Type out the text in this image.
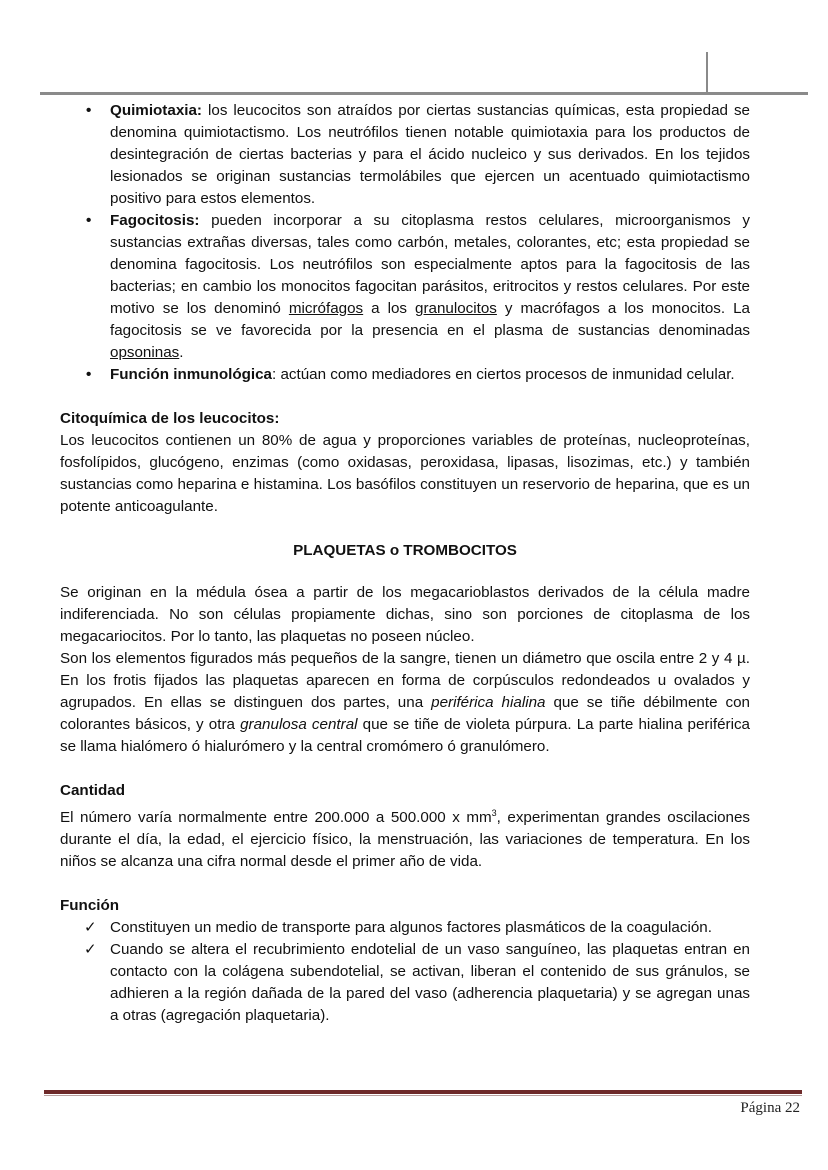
• Quimiotaxia: los leucocitos son atraídos por ciertas sustancias químicas, esta propiedad se denomina quimiotactismo. Los neutrófilos tienen notable quimiotaxia para los productos de desintegración de ciertas bacterias y para el ácido nucleico y sus derivados. En los tejidos lesionados se originan sustancias termolábiles que ejercen un acentuado quimiotactismo positivo para estos elementos.
• Fagocitosis: pueden incorporar a su citoplasma restos celulares, microorganismos y sustancias extrañas diversas, tales como carbón, metales, colorantes, etc; esta propiedad se denomina fagocitosis. Los neutrófilos son especialmente aptos para la fagocitosis de las bacterias; en cambio los monocitos fagocitan parásitos, eritrocitos y restos celulares. Por este motivo se los denominó micrófagos a los granulocitos y macrófagos a los monocitos. La fagocitosis se ve favorecida por la presencia en el plasma de sustancias denominadas opsoninas.
• Función inmunológica: actúan como mediadores en ciertos procesos de inmunidad celular.

Citoquímica de los leucocitos:

Los leucocitos contienen un 80% de agua y proporciones variables de proteínas, nucleoproteínas, fosfolípidos, glucógeno, enzimas (como oxidasas, peroxidasa, lipasas, lisozimas, etc.) y también sustancias como heparina e histamina. Los basófilos constituyen un reservorio de heparina, que es un potente anticoagulante.

PLAQUETAS o TROMBOCITOS

Se originan en la médula ósea a partir de los megacarioblastos derivados de la célula madre indiferenciada. No son células propiamente dichas, sino son porciones de citoplasma de los megacariocitos. Por lo tanto, las plaquetas no poseen núcleo.

Son los elementos figurados más pequeños de la sangre, tienen un diámetro que oscila entre 2 y 4 µ. En los frotis fijados las plaquetas aparecen en forma de corpúsculos redondeados u ovalados y agrupados. En ellas se distinguen dos partes, una periférica hialina que se tiñe débilmente con colorantes básicos, y otra granulosa central que se tiñe de violeta púrpura. La parte hialina periférica se llama hialómero ó hialurómero y la central cromómero ó granulómero.

Cantidad

El número varía normalmente entre 200.000 a 500.000 x $mm^3$, experimentan grandes oscilaciones durante el día, la edad, el ejercicio físico, la menstruación, las variaciones de temperatura. En los niños se alcanza una cifra normal desde el primer año de vida.

Función

✓ Constituyen un medio de transporte para algunos factores plasmáticos de la coagulación.
✓ Cuando se altera el recubrimiento endotelial de un vaso sanguíneo, las plaquetas entran en contacto con la colágena subendotelial, se activan, liberan el contenido de sus gránulos, se adhieren a la región dañada de la pared del vaso (adherencia plaquetaria) y se agregan unas a otras (agregación plaquetaria).
Página 22
